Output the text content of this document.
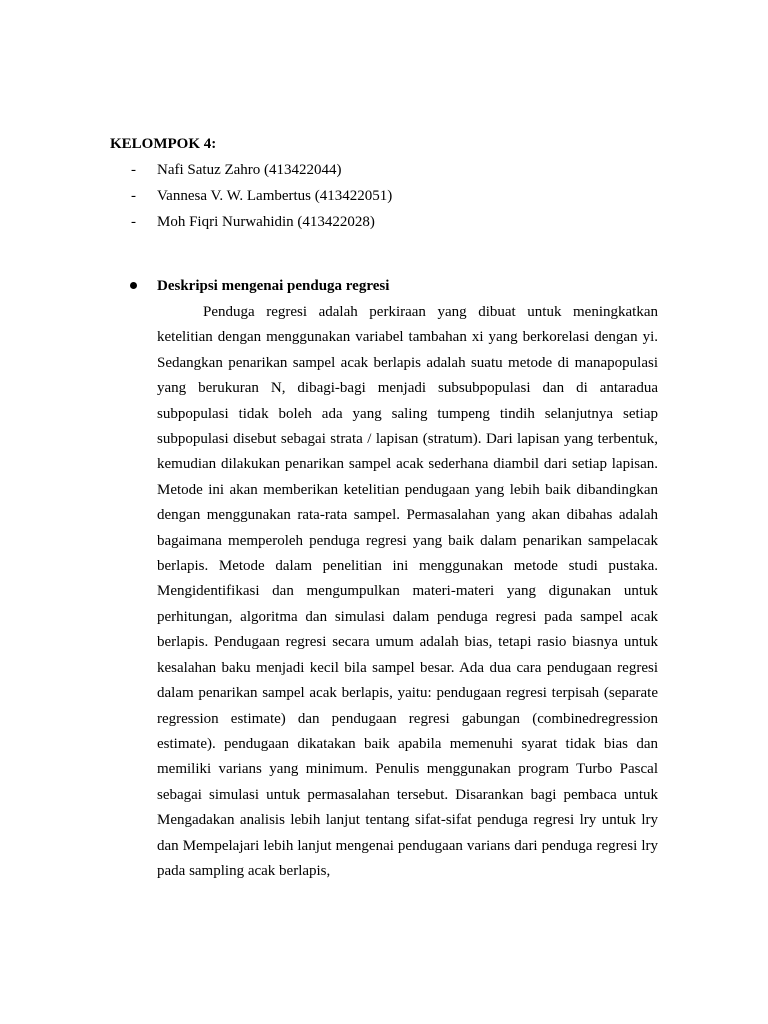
KELOMPOK 4:
- Nafi Satuz Zahro (413422044)
- Vannesa V. W. Lambertus (413422051)
- Moh Fiqri Nurwahidin (413422028)
Deskripsi mengenai penduga regresi

Penduga regresi adalah perkiraan yang dibuat untuk meningkatkan ketelitian dengan menggunakan variabel tambahan xi yang berkorelasi dengan yi. Sedangkan penarikan sampel acak berlapis adalah suatu metode di manapopulasi yang berukuran N, dibagi-bagi menjadi subsubpopulasi dan di antaradua subpopulasi tidak boleh ada yang saling tumpeng tindih selanjutnya setiap subpopulasi disebut sebagai strata / lapisan (stratum). Dari lapisan yang terbentuk, kemudian dilakukan penarikan sampel acak sederhana diambil dari setiap lapisan. Metode ini akan memberikan ketelitian pendugaan yang lebih baik dibandingkan dengan menggunakan rata-rata sampel. Permasalahan yang akan dibahas adalah bagaimana memperoleh penduga regresi yang baik dalam penarikan sampelacak berlapis. Metode dalam penelitian ini menggunakan metode studi pustaka. Mengidentifikasi dan mengumpulkan materi-materi yang digunakan untuk perhitungan, algoritma dan simulasi dalam penduga regresi pada sampel acak berlapis. Pendugaan regresi secara umum adalah bias, tetapi rasio biasnya untuk kesalahan baku menjadi kecil bila sampel besar. Ada dua cara pendugaan regresi dalam penarikan sampel acak berlapis, yaitu: pendugaan regresi terpisah (separate regression estimate) dan pendugaan regresi gabungan (combinedregression estimate). pendugaan dikatakan baik apabila memenuhi syarat tidak bias dan memiliki varians yang minimum. Penulis menggunakan program Turbo Pascal sebagai simulasi untuk permasalahan tersebut. Disarankan bagi pembaca untuk Mengadakan analisis lebih lanjut tentang sifat-sifat penduga regresi lry untuk lry dan Mempelajari lebih lanjut mengenai pendugaan varians dari penduga regresi lry pada sampling acak berlapis,
